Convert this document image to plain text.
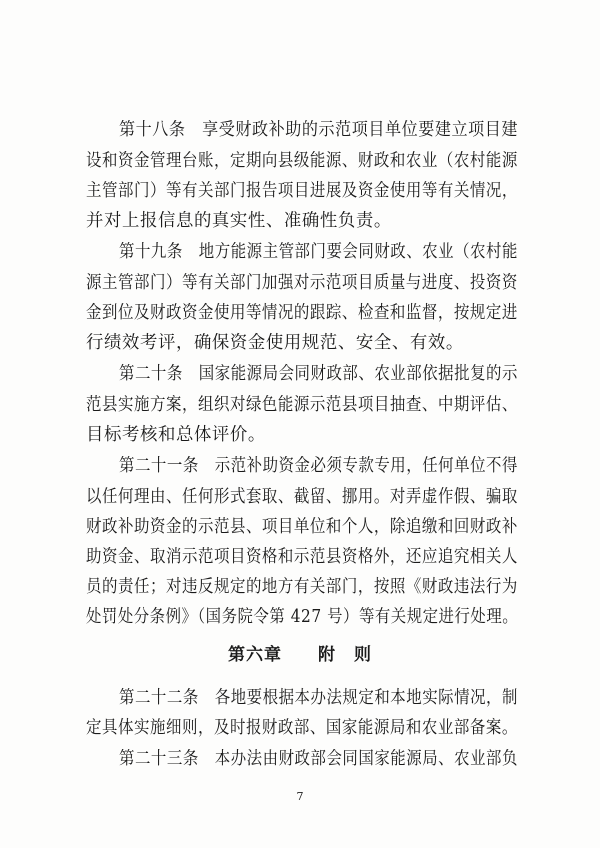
第十八条　享受财政补助的示范项目单位要建立项目建
设和资金管理台账，定期向县级能源、财政和农业（农村能源
主管部门）等有关部门报告项目进展及资金使用等有关情况，
并对上报信息的真实性、准确性负责。
第十九条　地方能源主管部门要会同财政、农业（农村能
源主管部门）等有关部门加强对示范项目质量与进度、投资资
金到位及财政资金使用等情况的跟踪、检查和监督，按规定进
行绩效考评，确保资金使用规范、安全、有效。
第二十条　国家能源局会同财政部、农业部依据批复的示
范县实施方案，组织对绿色能源示范县项目抽查、中期评估、
目标考核和总体评价。
第二十一条　示范补助资金必须专款专用，任何单位不得
以任何理由、任何形式套取、截留、挪用。对弄虚作假、骗取
财政补助资金的示范县、项目单位和个人，除追缴和回财政补
助资金、取消示范项目资格和示范县资格外，还应追究相关人
员的责任；对违反规定的地方有关部门，按照《财政违法行为
处罚处分条例》（国务院令第 427 号）等有关规定进行处理。
第六章　　附　则
第二十二条　各地要根据本办法规定和本地实际情况，制
定具体实施细则，及时报财政部、国家能源局和农业部备案。
第二十三条　本办法由财政部会同国家能源局、农业部负
7
